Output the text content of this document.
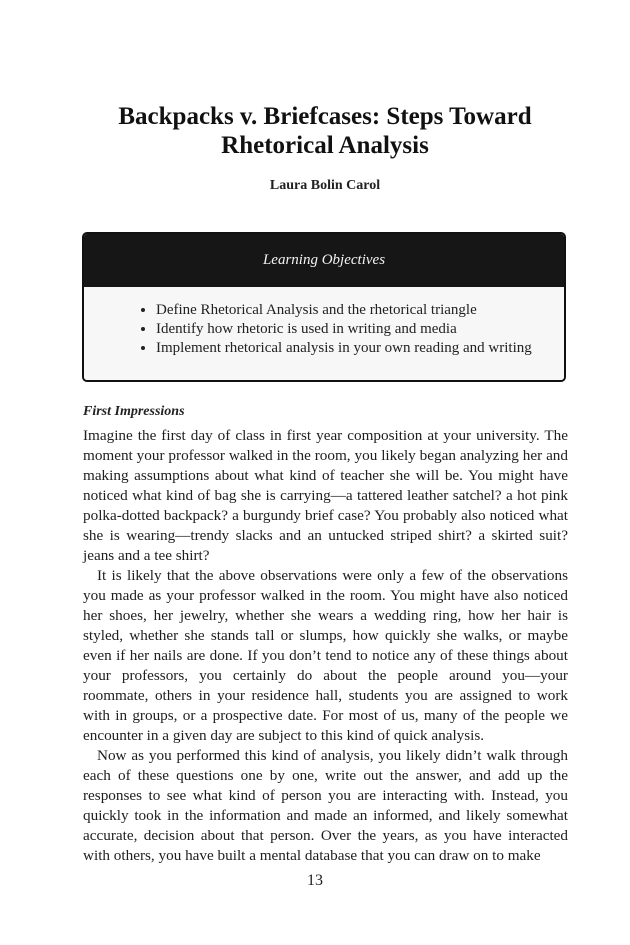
Backpacks v. Briefcases: Steps Toward Rhetorical Analysis
Laura Bolin Carol
Learning Objectives
• Define Rhetorical Analysis and the rhetorical triangle
• Identify how rhetoric is used in writing and media
• Implement rhetorical analysis in your own reading and writing
First Impressions

Imagine the first day of class in first year composition at your university. The moment your professor walked in the room, you likely began analyzing her and making assumptions about what kind of teacher she will be. You might have noticed what kind of bag she is carrying—a tattered leather satchel? a hot pink polka-dotted backpack? a burgundy brief case? You probably also noticed what she is wearing—trendy slacks and an untucked striped shirt? a skirted suit? jeans and a tee shirt?

It is likely that the above observations were only a few of the observations you made as your professor walked in the room. You might have also noticed her shoes, her jewelry, whether she wears a wedding ring, how her hair is styled, whether she stands tall or slumps, how quickly she walks, or maybe even if her nails are done. If you don’t tend to notice any of these things about your professors, you certainly do about the people around you—your roommate, others in your residence hall, students you are assigned to work with in groups, or a prospective date. For most of us, many of the people we encounter in a given day are subject to this kind of quick analysis.

Now as you performed this kind of analysis, you likely didn’t walk through each of these questions one by one, write out the answer, and add up the responses to see what kind of person you are interacting with. Instead, you quickly took in the information and made an informed, and likely somewhat accurate, decision about that person. Over the years, as you have interacted with others, you have built a mental database that you can draw on to make

13
